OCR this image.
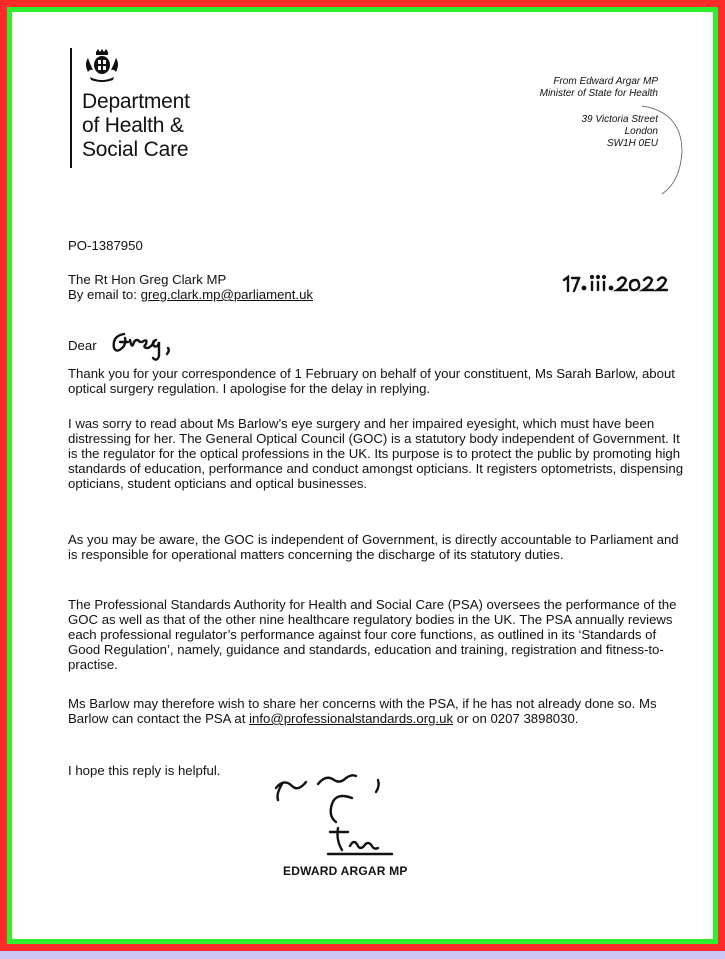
Department
of Health &
Social Care
From Edward Argar MP
Minister of State for Health
39 Victoria Street
London
SW1H 0EU
PO-1387950
The Rt Hon Greg Clark MP
By email to: greg.clark.mp@parliament.uk
Dear
Thank you for your correspondence of 1 February on behalf of your constituent, Ms Sarah Barlow, about optical surgery regulation. I apologise for the delay in replying.
I was sorry to read about Ms Barlow’s eye surgery and her impaired eyesight, which must have been distressing for her. The General Optical Council (GOC) is a statutory body independent of Government. It is the regulator for the optical professions in the UK. Its purpose is to protect the public by promoting high standards of education, performance and conduct amongst opticians. It registers optometrists, dispensing opticians, student opticians and optical businesses.
As you may be aware, the GOC is independent of Government, is directly accountable to Parliament and is responsible for operational matters concerning the discharge of its statutory duties.
The Professional Standards Authority for Health and Social Care (PSA) oversees the performance of the GOC as well as that of the other nine healthcare regulatory bodies in the UK. The PSA annually reviews each professional regulator’s performance against four core functions, as outlined in its ‘Standards of Good Regulation’, namely, guidance and standards, education and training, registration and fitness-to-practise.
Ms Barlow may therefore wish to share her concerns with the PSA, if he has not already done so. Ms Barlow can contact the PSA at info@professionalstandards.org.uk or on 0207 3898030.
I hope this reply is helpful.
EDWARD ARGAR MP
